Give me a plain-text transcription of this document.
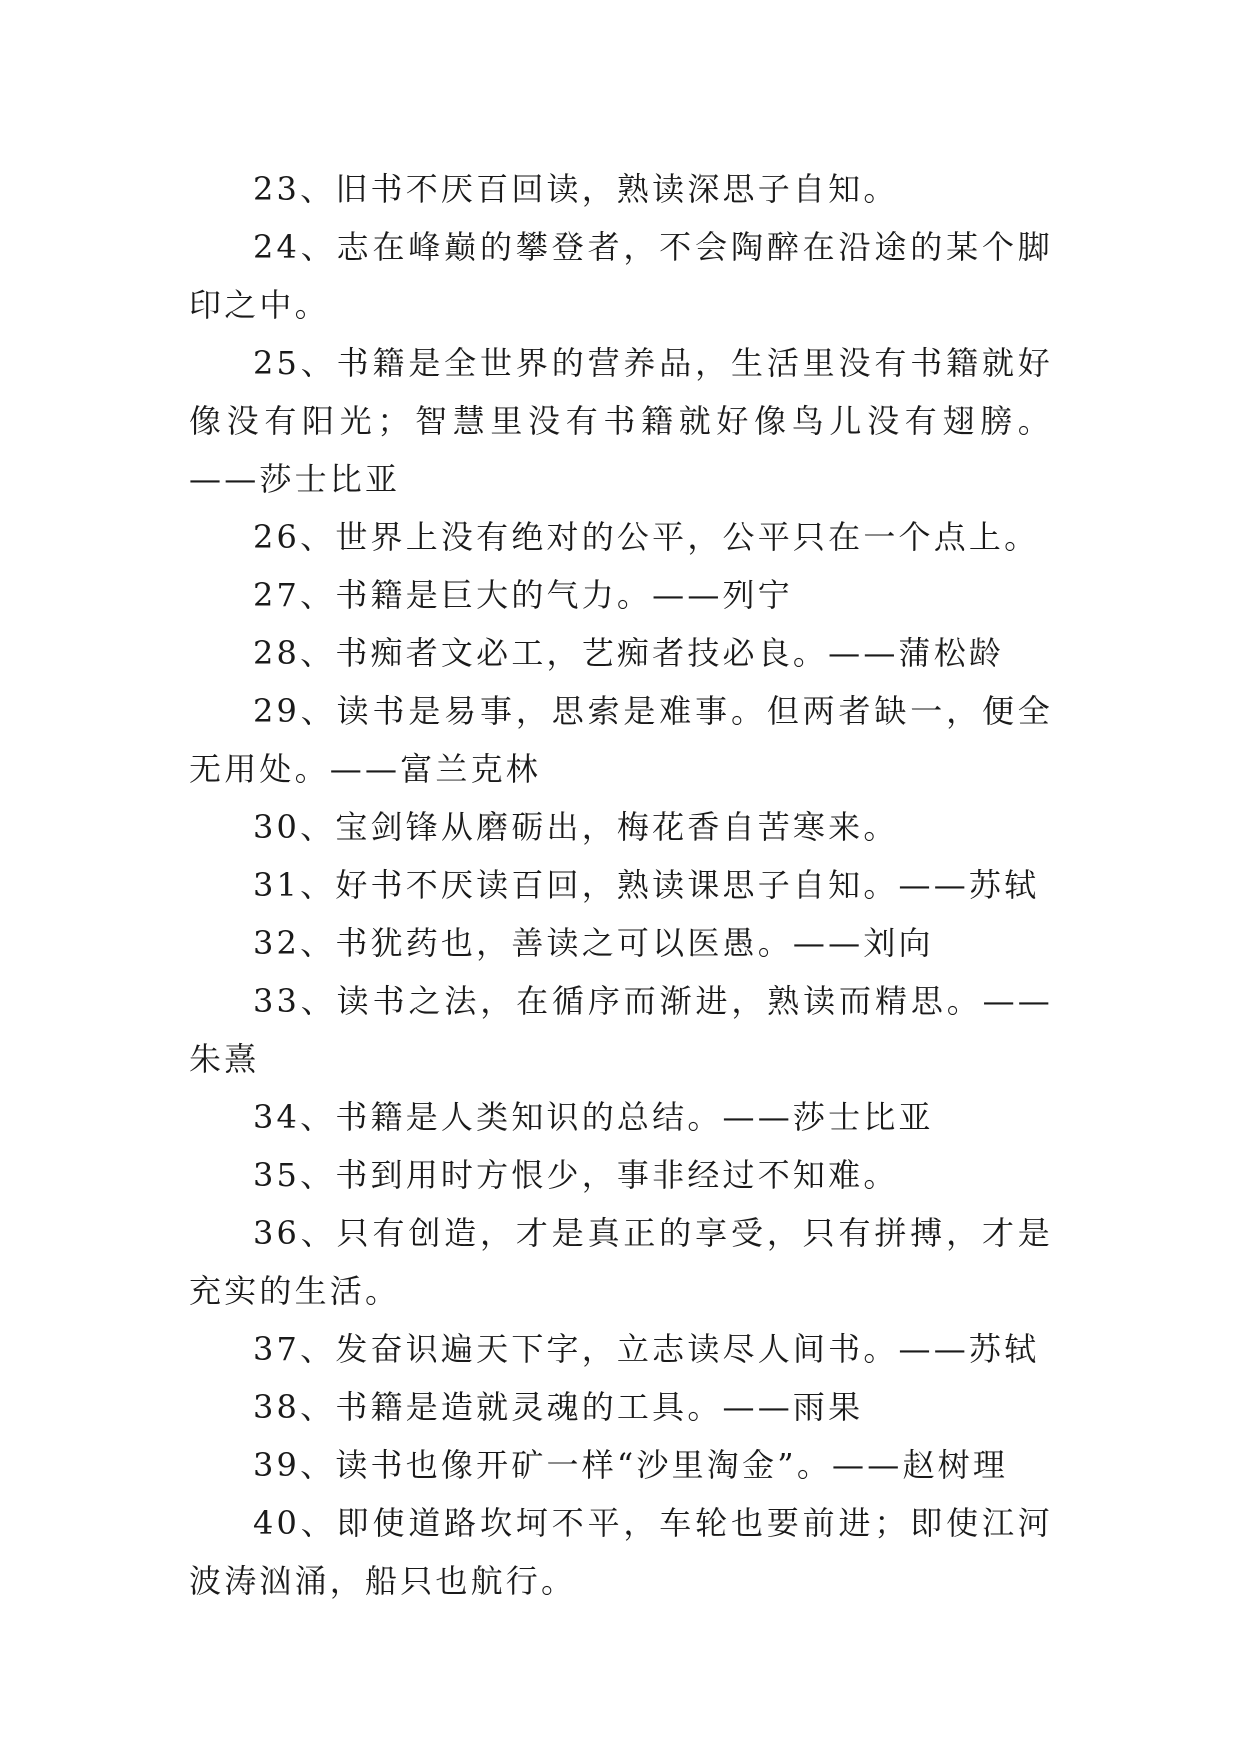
23、旧书不厌百回读，熟读深思子自知。

24、志在峰巅的攀登者，不会陶醉在沿途的某个脚印之中。

25、书籍是全世界的营养品，生活里没有书籍就好像没有阳光；智慧里没有书籍就好像鸟儿没有翅膀。——莎士比亚

26、世界上没有绝对的公平，公平只在一个点上。

27、书籍是巨大的气力。——列宁

28、书痴者文必工，艺痴者技必良。——蒲松龄

29、读书是易事，思索是难事。但两者缺一，便全无用处。——富兰克林

30、宝剑锋从磨砺出，梅花香自苦寒来。

31、好书不厌读百回，熟读课思子自知。——苏轼

32、书犹药也，善读之可以医愚。——刘向

33、读书之法，在循序而渐进，熟读而精思。——朱熹

34、书籍是人类知识的总结。——莎士比亚

35、书到用时方恨少，事非经过不知难。

36、只有创造，才是真正的享受，只有拼搏，才是充实的生活。

37、发奋识遍天下字，立志读尽人间书。——苏轼

38、书籍是造就灵魂的工具。——雨果

39、读书也像开矿一样“沙里淘金”。——赵树理

40、即使道路坎坷不平，车轮也要前进；即使江河波涛汹涌，船只也航行。
